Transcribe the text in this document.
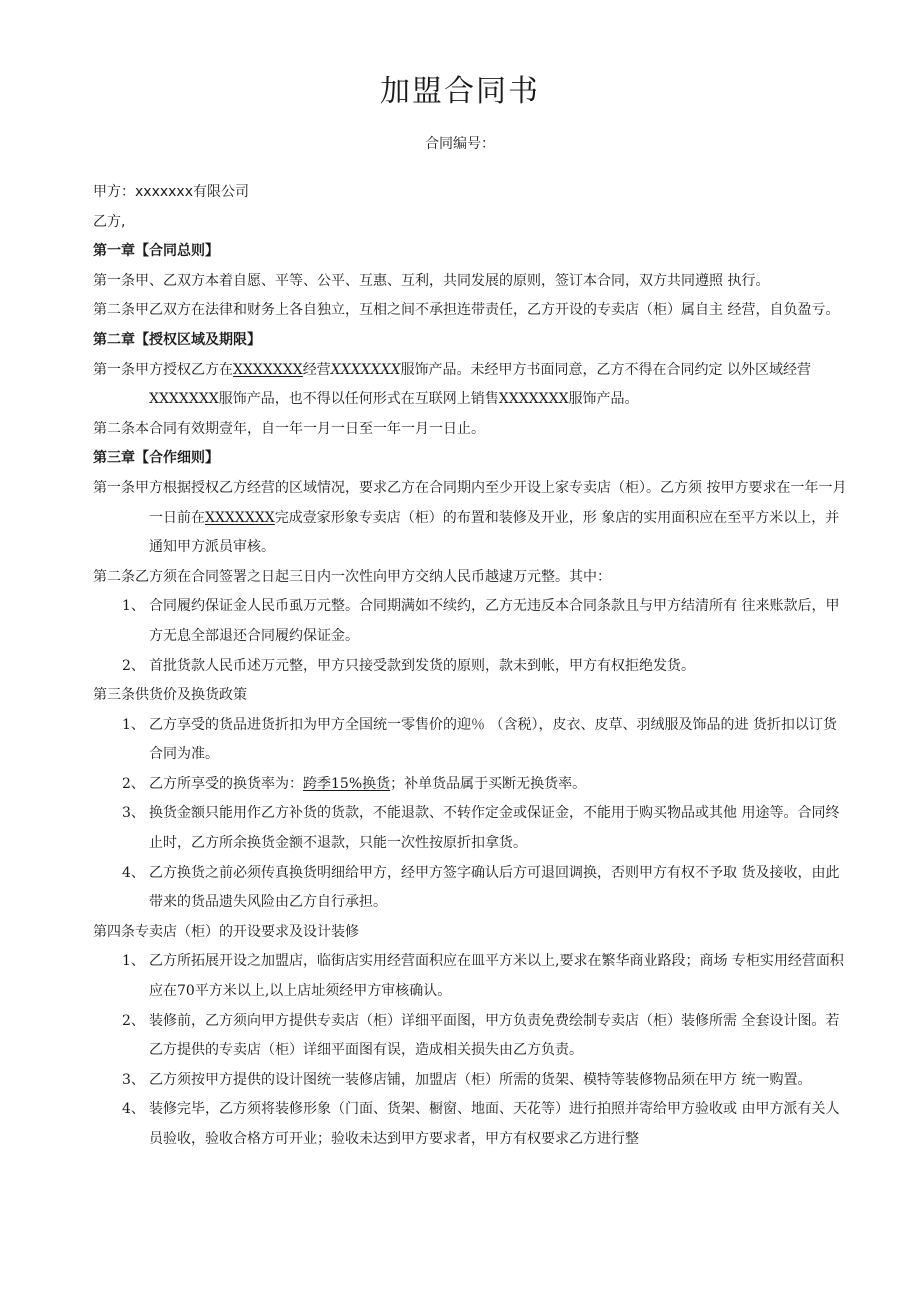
加盟合同书
合同编号：
甲方：xxxxxxx有限公司
乙方,
第一章【合同总则】
第一条甲、乙双方本着自愿、平等、公平、互惠、互利，共同发展的原则，签订本合同，双方共同遵照 执行。
第二条甲乙双方在法律和财务上各自独立，互相之间不承担连带责任，乙方开设的专卖店（柜）属自主 经营，自负盈亏。
第二章【授权区域及期限】
第一条甲方授权乙方在XXXXXXX经营XXXXXXX服饰产品。未经甲方书面同意，乙方不得在合同约定 以外区域经营XXXXXXX服饰产品，也不得以任何形式在互联网上销售XXXXXXX服饰产品。
第二条本合同有效期壹年，自一年一月一日至一年一月一日止。
第三章【合作细则】
第一条甲方根据授权乙方经营的区域情况，要求乙方在合同期内至少开设上家专卖店（柜）。乙方须 按甲方要求在一年一月一日前在XXXXXXX完成壹家形象专卖店（柜）的布置和装修及开业，形 象店的实用面积应在至平方米以上，并通知甲方派员审核。
第二条乙方须在合同签署之日起三日内一次性向甲方交纳人民币越逮万元整。其中：
1、 合同履约保证金人民币虱万元整。合同期满如不续约，乙方无违反本合同条款且与甲方结清所有 往来账款后，甲方无息全部退还合同履约保证金。
2、 首批货款人民币述万元整，甲方只接受款到发货的原则，款未到帐，甲方有权拒绝发货。
第三条供货价及换货政策
1、 乙方享受的货品进货折扣为甲方全国统一零售价的迎％ （含税），皮衣、皮草、羽绒服及饰品的进 货折扣以订货合同为准。
2、 乙方所享受的换货率为：跨季15%换货；补单货品属于买断无换货率。
3、 换货金额只能用作乙方补货的货款，不能退款、不转作定金或保证金，不能用于购买物品或其他 用途等。合同终止时，乙方所余换货金额不退款，只能一次性按原折扣拿货。
4、 乙方换货之前必须传真换货明细给甲方，经甲方签字确认后方可退回调换，否则甲方有权不予取 货及接收，由此带来的货品遗失风险由乙方自行承担。
第四条专卖店（柜）的开设要求及设计装修
1、 乙方所拓展开设之加盟店，临街店实用经营面积应在皿平方米以上,要求在繁华商业路段；商场 专柜实用经营面积应在70平方米以上,以上店址须经甲方审核确认。
2、 装修前，乙方须向甲方提供专卖店（柜）详细平面图，甲方负责免费绘制专卖店（柜）装修所需 全套设计图。若乙方提供的专卖店（柜）详细平面图有误，造成相关损失由乙方负责。
3、 乙方须按甲方提供的设计图统一装修店铺，加盟店（柜）所需的货架、模特等装修物品须在甲方 统一购置。
4、 装修完毕，乙方须将装修形象（门面、货架、橱窗、地面、天花等）进行拍照并寄给甲方验收或 由甲方派有关人员验收，验收合格方可开业；验收未达到甲方要求者，甲方有权要求乙方进行整
